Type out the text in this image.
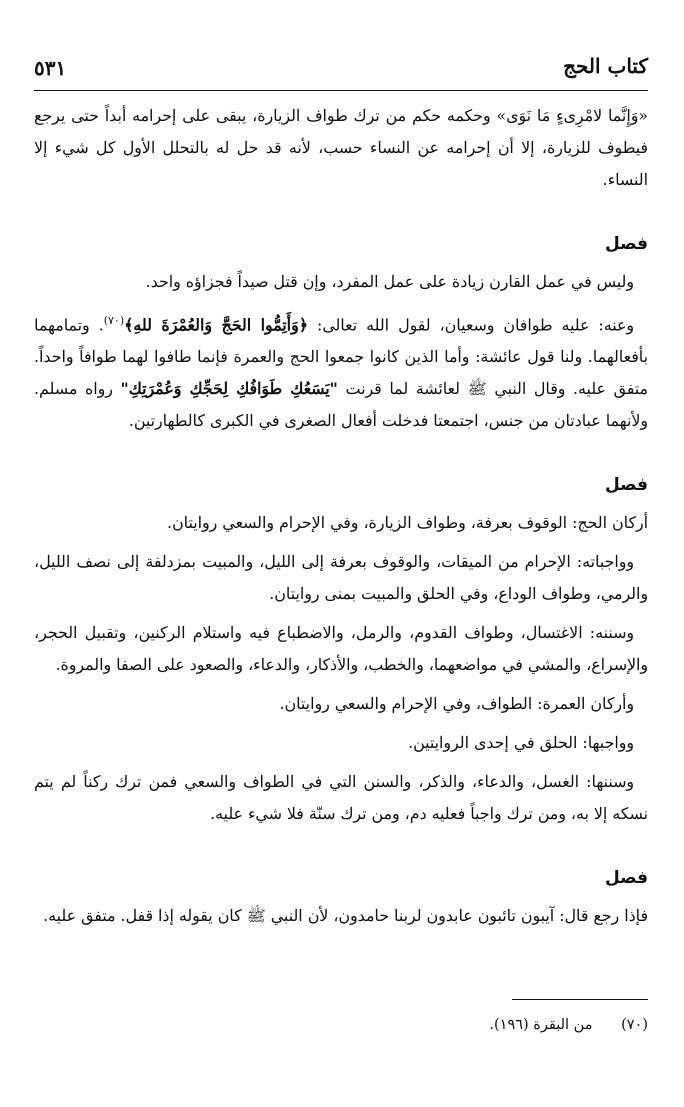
كتاب الحج
٥٣١

«وَإِنَّما لامْرِىءٍ مَا نَوَى» وحكمه حكم من ترك طواف الزيارة، يبقى على إحرامه أبداً حتى يرجع فيطوف للزيارة، إلا أن إحرامه عن النساء حسب، لأنه قد حل له بالتحلل الأول كل شيء إلا النساء.

فصل

وليس في عمل القارن زيادة على عمل المفرد، وإن قتل صيداً فجزاؤه واحد.

وعنه: عليه طوافان وسعيان، لقول الله تعالى: ﴿وَأَتِمُّوا الحَجَّ وَالعُمْرَةَ للهِ﴾$^{(٧٠)}$. وتمامهما بأفعالهما. ولنا قول عائشة: وأما الذين كانوا جمعوا الحج والعمرة فإنما طافوا لهما طوافاً واحداً. متفق عليه. وقال النبي ﷺ لعائشة لما قرنت "يَسَعُكِ طَوَافُكِ لِحَجِّكِ وَعُمْرَتِكِ" رواه مسلم. ولأنهما عبادتان من جنس، اجتمعتا فدخلت أفعال الصغرى في الكبرى كالطهارتين.

فصل

أركان الحج: الوقوف بعرفة، وطواف الزيارة، وفي الإحرام والسعي روايتان.

وواجباته: الإحرام من الميقات، والوقوف بعرفة إلى الليل، والمبيت بمزدلفة إلى نصف الليل، والرمي، وطواف الوداع، وفي الحلق والمبيت بمنى روايتان.

وسننه: الاغتسال، وطواف القدوم، والرمل، والاضطباع فيه واستلام الركنين، وتقبيل الحجر، والإسراع، والمشي في مواضعهما، والخطب، والأذكار، والدعاء، والصعود على الصفا والمروة.

وأركان العمرة: الطواف، وفي الإحرام والسعي روايتان.

وواجبها: الحلق في إحدى الروايتين.

وسننها: الغسل، والدعاء، والذكر، والسنن التي في الطواف والسعي فمن ترك ركناً لم يتم نسكه إلا به، ومن ترك واجباً فعليه دم، ومن ترك سنّة فلا شيء عليه.

فصل

فإذا رجع قال: آيبون تائبون عابدون لربنا حامدون، لأن النبي ﷺ كان يقوله إذا قفل. متفق عليه.

(٧٠) من البقرة (١٩٦).
